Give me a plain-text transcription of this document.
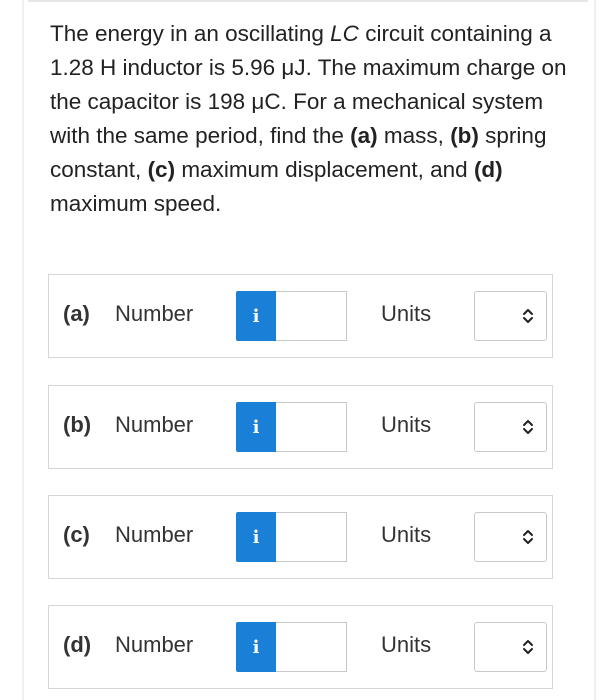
The energy in an oscillating LC circuit containing a 1.28 H inductor is 5.96 μJ. The maximum charge on the capacitor is 198 μC. For a mechanical system with the same period, find the (a) mass, (b) spring constant, (c) maximum displacement, and (d) maximum speed.

(a) Number	i	Units
(b) Number	i	Units
(c) Number	i	Units
(d) Number	i	Units
